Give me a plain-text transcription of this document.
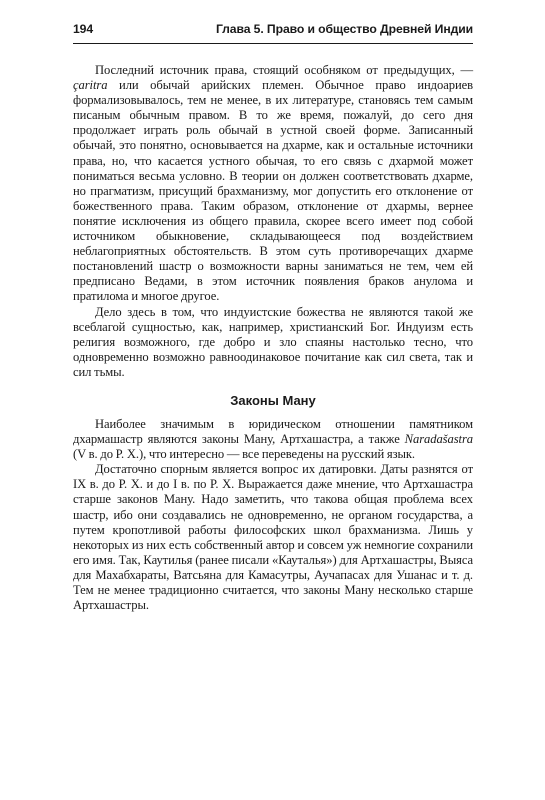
194	Глава 5. Право и общество Древней Индии

Последний источник права, стоящий особняком от предыдущих, — çaritra или обычай арийских племен. Обычное право индоариев формализовывалось, тем не менее, в их литературе, становясь тем самым писаным обычным правом. В то же время, пожалуй, до сего дня продолжает играть роль обычай в устной своей форме. Записанный обычай, это понятно, основывается на дхарме, как и остальные источники права, но, что касается устного обычая, то его связь с дхармой может пониматься весьма условно. В теории он должен соответствовать дхарме, но прагматизм, присущий брахманизму, мог допустить его отклонение от божественного права. Таким образом, отклонение от дхармы, вернее понятие исключения из общего правила, скорее всего имеет под собой источником обыкновение, складывающееся под воздействием неблагоприятных обстоятельств. В этом суть противоречащих дхарме постановлений шастр о возможности варны заниматься не тем, чем ей предписано Ведами, в этом источник появления браков анулома и пратилома и многое другое.

Дело здесь в том, что индуистские божества не являются такой же всеблагой сущностью, как, например, христианский Бог. Индуизм есть религия возможного, где добро и зло спаяны настолько тесно, что одновременно возможно равноодинаковое почитание как сил света, так и сил тьмы.

Законы Ману

Наиболее значимым в юридическом отношении памятником дхармашастр являются законы Ману, Артхашастра, а также Naradašastra (V в. до Р. Х.), что интересно — все переведены на русский язык.

Достаточно спорным является вопрос их датировки. Даты разнятся от IX в. до Р. Х. и до I в. по Р. Х. Выражается даже мнение, что Артхашастра старше законов Ману. Надо заметить, что такова общая проблема всех шастр, ибо они создавались не одновременно, не органом государства, а путем кропотливой работы философских школ брахманизма. Лишь у некоторых из них есть собственный автор и совсем уж немногие сохранили его имя. Так, Каутилья (ранее писали «Кауталья») для Артхашастры, Выяса для Махабхараты, Ватсьяна для Камасутры, Аучапасах для Ушанас и т. д. Тем не менее традиционно считается, что законы Ману несколько старше Артхашастры.
